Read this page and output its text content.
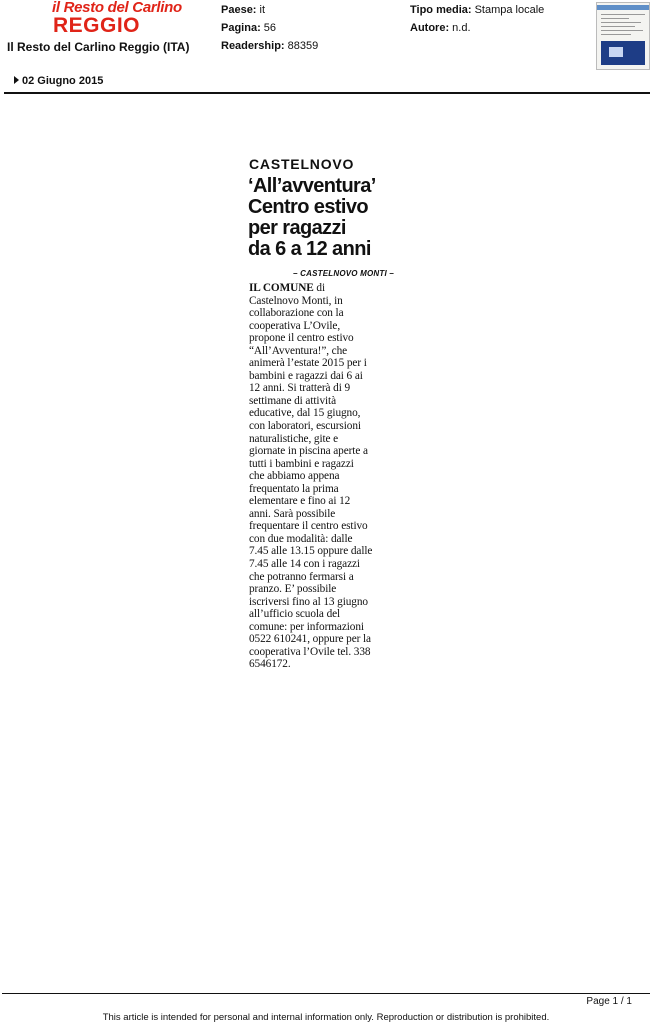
il Resto del Carlino
REGGIO
Il Resto del Carlino Reggio (ITA)
Paese: it
Pagina: 56
Readership: 88359
Tipo media: Stampa locale
Autore: n.d.
02 Giugno 2015
CASTELNOVO
‘All’avventura’
Centro estivo
per ragazzi
da 6 a 12 anni
– CASTELNOVO MONTI –
IL COMUNE di
Castelnovo Monti, in
collaborazione con la
cooperativa L’Ovile,
propone il centro estivo
“All’Avventura!”, che
animerà l’estate 2015 per i
bambini e ragazzi dai 6 ai
12 anni. Si tratterà di 9
settimane di attività
educative, dal 15 giugno,
con laboratori, escursioni
naturalistiche, gite e
giornate in piscina aperte a
tutti i bambini e ragazzi
che abbiamo appena
frequentato la prima
elementare e fino ai 12
anni. Sarà possibile
frequentare il centro estivo
con due modalità: dalle
7.45 alle 13.15 oppure dalle
7.45 alle 14 con i ragazzi
che potranno fermarsi a
pranzo. E’ possibile
iscriversi fino al 13 giugno
all’ufficio scuola del
comune: per informazioni
0522 610241, oppure per la
cooperativa l’Ovile tel. 338
6546172.
Page 1 / 1
This article is intended for personal and internal information only. Reproduction or distribution is prohibited.
